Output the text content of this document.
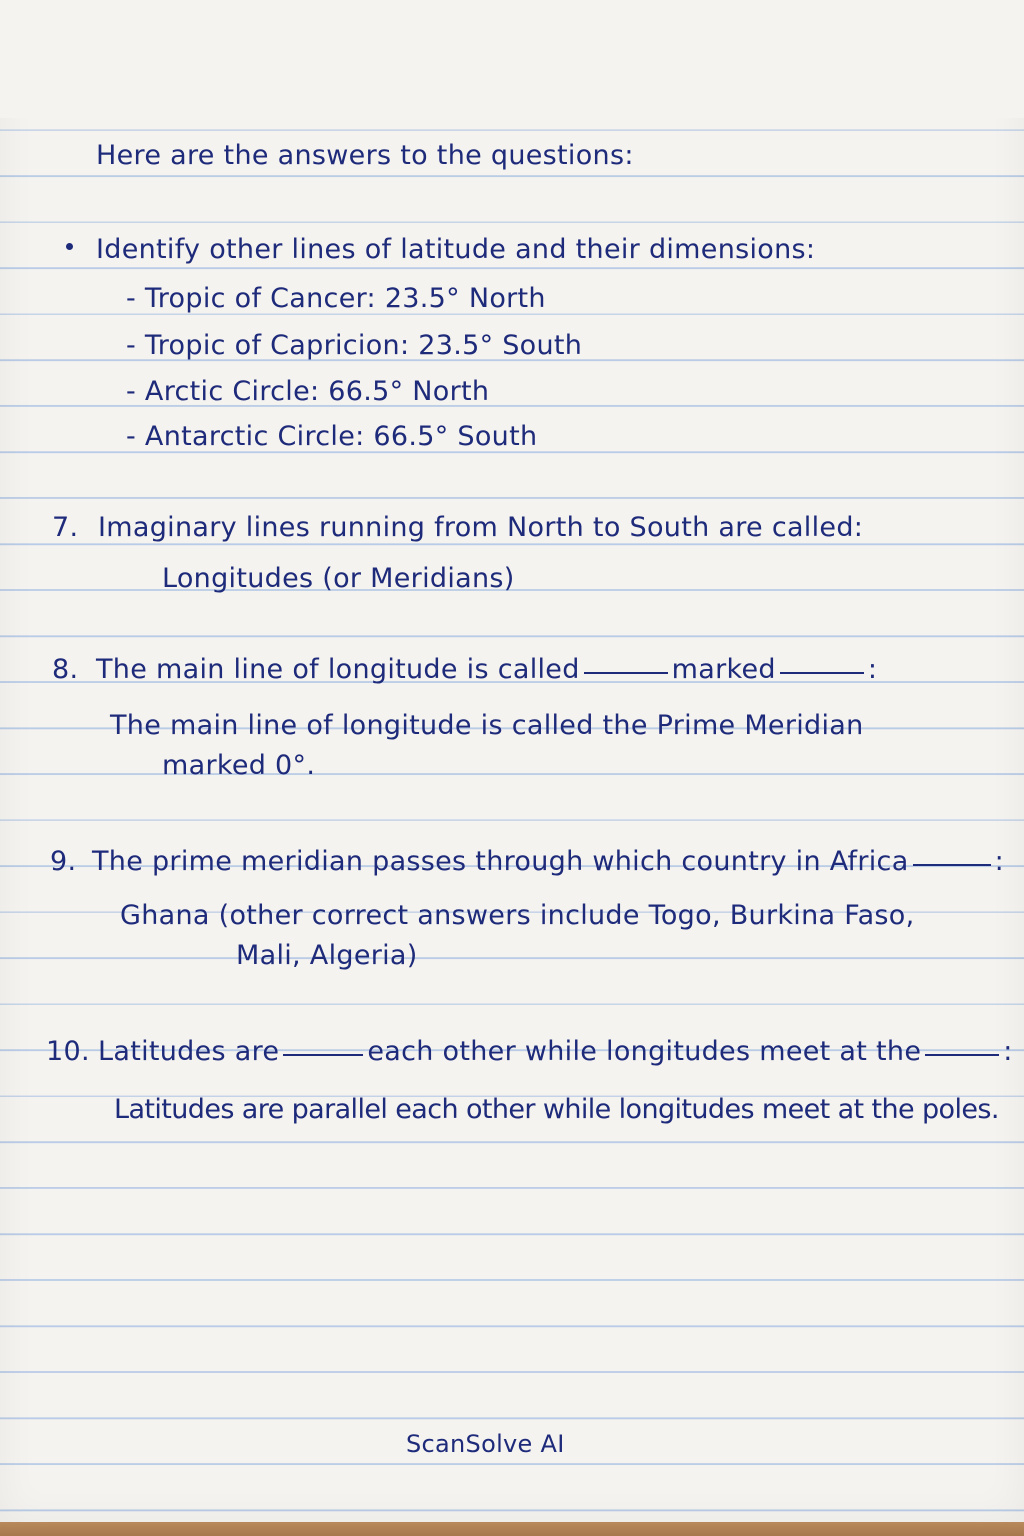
Here are the answers to the questions:

Identify other lines of latitude and their dimensions:

- Tropic of Cancer: 23.5° North

- Tropic of Capricion: 23.5° South

- Arctic Circle: 66.5° North

- Antarctic Circle: 66.5° South

7. Imaginary lines running from North to South are called:

Longitudes (or Meridians)

8. The main line of longitude is called	marked	:

The main line of longitude is called the Prime Meridian

marked 0°.

9. The prime meridian passes through which country in Africa	:

Ghana (other correct answers include Togo, Burkina Faso,

Mali, Algeria)

10. Latitudes are	each other while longitudes meet at the	:

Latitudes are parallel each other while longitudes meet at the poles.

ScanSolve AI
